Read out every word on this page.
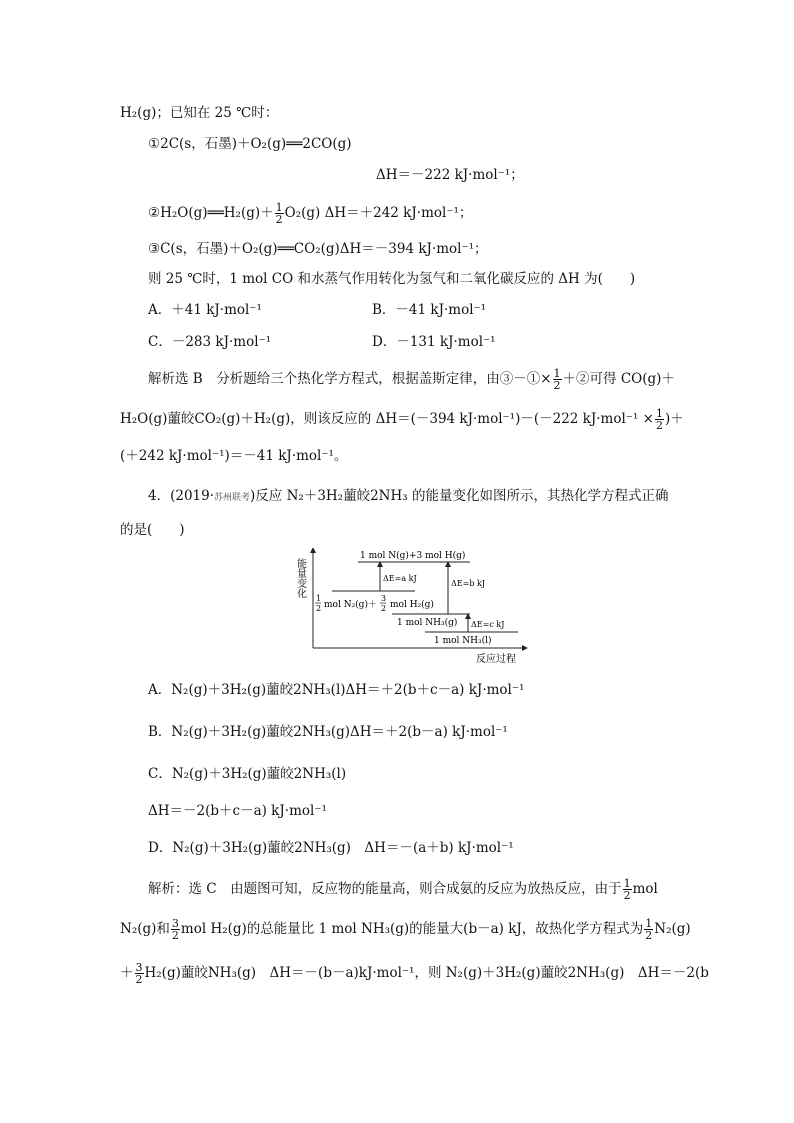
H₂(g)；已知在 25 ℃时：
①2C(s，石墨)＋O₂(g)══2CO(g)
ΔH＝－222 kJ·mol⁻¹；
②H₂O(g)══H₂(g)＋ $\frac{1}{2} O_2(g)$ ΔH＝＋242 kJ·mol⁻¹；
③C(s，石墨)＋O₂(g)══CO₂(g)ΔH＝－394 kJ·mol⁻¹；
则 25 ℃时，1 mol CO 和水蒸气作用转化为氢气和二氧化碳反应的 ΔH 为(　　)
A．＋41 kJ·mol⁻¹	B．－41 kJ·mol⁻¹
C．－283 kJ·mol⁻¹	D．－131 kJ·mol⁻¹
解析选 B　分析题给三个热化学方程式，根据盖斯定律，由③－①× $\frac{1}{2}$ ＋②可得 CO(g)＋
H₂O(g)蘁皎CO₂(g)＋H₂(g)，则该反应的 ΔH＝(－394 kJ·mol⁻¹)－(－222 $kJ\cdot mol^{-1} \times \frac{1}{2}$ )＋
(＋242 kJ·mol⁻¹)＝－41 kJ·mol⁻¹。
4．(2019·苏州联考)反应 N₂＋3H₂蘁皎2NH₃ 的能量变化如图所示，其热化学方程式正确
的是(　　)
能量变化
反应过程
1 mol N(g)+3 mol H(g)
1
2 mol N₂(g)＋
3
2 mol H₂(g)
1 mol NH₃(g)
1 mol NH₃(l)
ΔE=a kJ
ΔE=b kJ
ΔE=c kJ
A．N₂(g)＋3H₂(g)蘁皎2NH₃(l)ΔH＝＋2(b＋c－a) kJ·mol⁻¹
B．N₂(g)＋3H₂(g)蘁皎2NH₃(g)ΔH＝＋2(b－a) kJ·mol⁻¹
C．N₂(g)＋3H₂(g)蘁皎2NH₃(l)
ΔH＝－2(b＋c－a) kJ·mol⁻¹
D．N₂(g)＋3H₂(g)蘁皎2NH₃(g)　ΔH＝－(a＋b) kJ·mol⁻¹
解析：选 C　由题图可知，反应物的能量高，则合成氨的反应为放热反应，由于 $\frac{1}{2}$ mol
N₂(g)和 $\frac{3}{2}$ mol H₂(g)的总能量比 1 mol NH₃(g)的能量大(b－a) kJ，故热化学方程式为 $\frac{1}{2} N_2(g)$
＋ $\frac{3}{2} H_2(g)$蘁皎NH₃(g)　ΔH＝－(b－a)kJ·mol⁻¹，则 N₂(g)＋3H₂(g)蘁皎2NH₃(g)　ΔH＝－2(b
